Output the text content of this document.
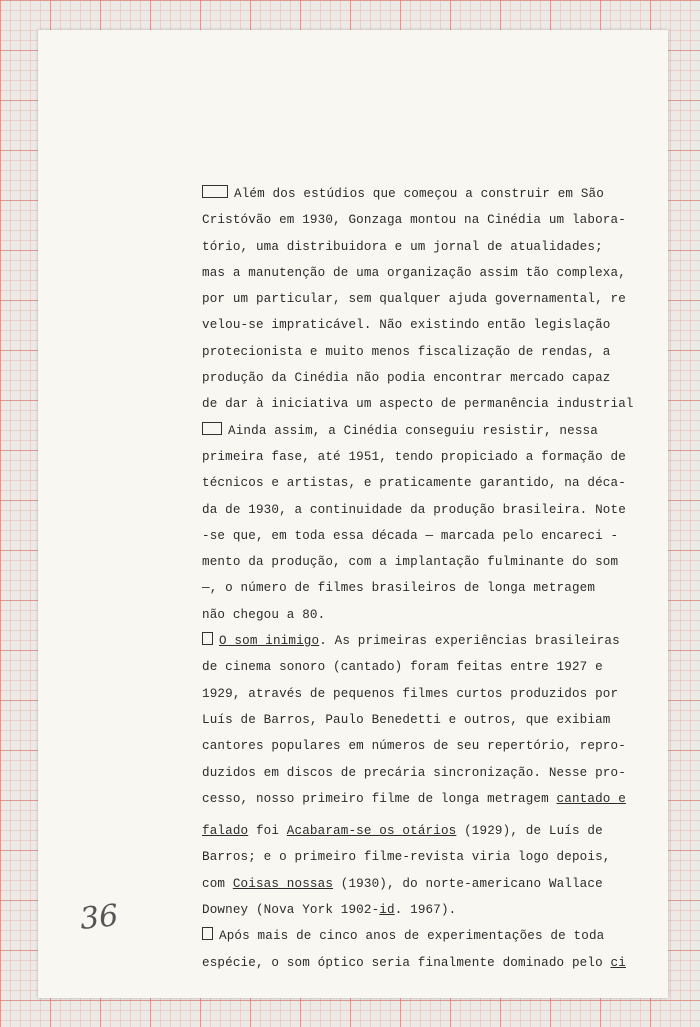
Além dos estúdios que começou a construir em São
Cristóvão em 1930, Gonzaga montou na Cinédia um labora-
tório, uma distribuidora e um jornal de atualidades;
mas a manutenção de uma organização assim tão complexa,
por um particular, sem qualquer ajuda governamental, re
velou-se impraticável. Não existindo então legislação
protecionista e muito menos fiscalização de rendas, a
produção da Cinédia não podia encontrar mercado capaz
de dar à iniciativa um aspecto de permanência industrial
Ainda assim, a Cinédia conseguiu resistir, nessa
primeira fase, até 1951, tendo propiciado a formação de
técnicos e artistas, e praticamente garantido, na déca-
da de 1930, a continuidade da produção brasileira. Note
-se que, em toda essa década — marcada pelo encareci -
mento da produção, com a implantação fulminante do som
—, o número de filmes brasileiros de longa metragem
não chegou a 80.
O som inimigo. As primeiras experiências brasileiras
de cinema sonoro (cantado) foram feitas entre 1927 e
1929, através de pequenos filmes curtos produzidos por
Luís de Barros, Paulo Benedetti e outros, que exibiam
cantores populares em números de seu repertório, repro-
duzidos em discos de precária sincronização. Nesse pro-
cesso, nosso primeiro filme de longa metragem cantado e
falado foi Acabaram-se os otários (1929), de Luís de
Barros; e o primeiro filme-revista viria logo depois,
com Coisas nossas (1930), do norte-americano Wallace
Downey (Nova York 1902-id. 1967).
Após mais de cinco anos de experimentações de toda
espécie, o som óptico seria finalmente dominado pelo ci
36
